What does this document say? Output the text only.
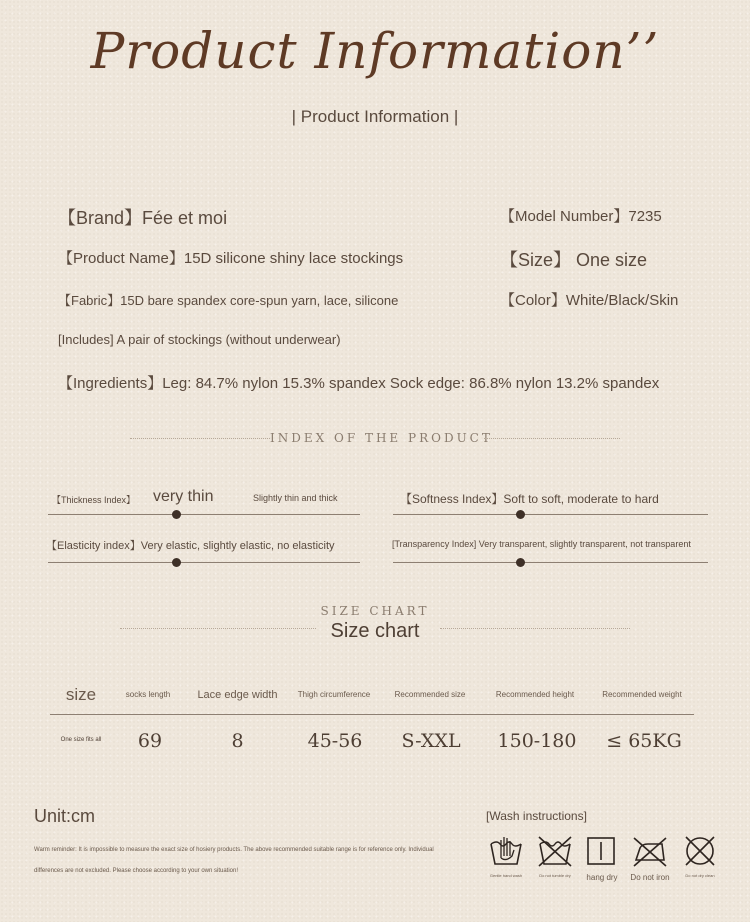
Product Information’’
| Product Information |
【Brand】Fée et moi	【Model Number】7235
【Product Name】15D silicone shiny lace stockings	【Size】 One size
【Fabric】15D bare spandex core-spun yarn, lace, silicone	【Color】White/Black/Skin
[Includes] A pair of stockings (without underwear)
【Ingredients】Leg: 84.7% nylon 15.3% spandex Sock edge: 86.8% nylon 13.2% spandex
INDEX OF THE PRODUCT
【Thickness Index】 very thin	Slightly thin and thick	【Softness Index】Soft to soft, moderate to hard
【Elasticity index】Very elastic, slightly elastic, no elasticity	[Transparency Index] Very transparent, slightly transparent, not transparent
SIZE CHART
Size chart
size	socks length	Lace edge width	Thigh circumference	Recommended size	Recommended height	Recommended weight
One size fits all	69	8	45-56	S-XXL	150-180	≤ 65KG
Unit:cm
Warm reminder: It is impossible to measure the exact size of hosiery products. The above recommended suitable range is for reference only. Individual
differences are not excluded. Please choose according to your own situation!
[Wash instructions]
Gentle hand wash	Do not tumble dry	hang dry	Do not iron	Do not dry clean
